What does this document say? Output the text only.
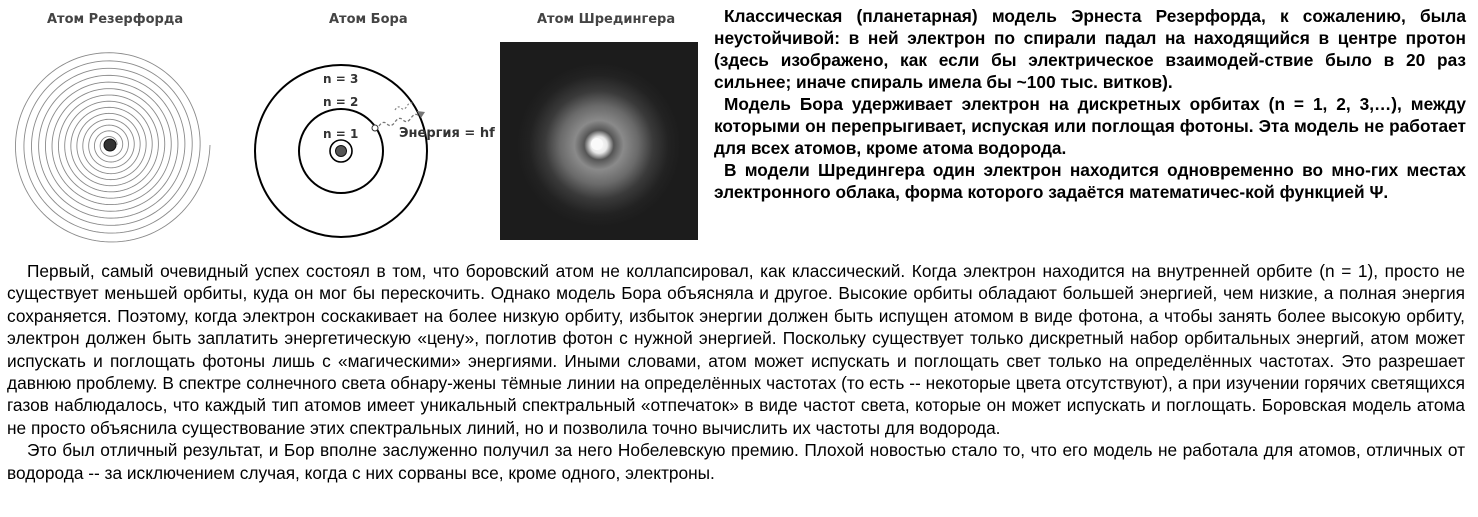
Атом Резерфорда	Атом Бора
n = 3
n = 2
n = 1	Энергия = hf
Атом Шредингера	Классическая (планетарная) модель Эрнеста Резерфорда, к сожалению, была неустойчивой: в ней электрон по спирали падал на находящийся в центре протон (здесь изображено, как если бы электрическое взаимодей-ствие было в 20 раз сильнее; иначе спираль имела бы ~100 тыс. витков).

Модель Бора удерживает электрон на дискретных орбитах (n = 1, 2, 3,…), между которыми он перепрыгивает, испуская или поглощая фотоны. Эта модель не работает для всех атомов, кроме атома водорода.

В модели Шредингера один электрон находится одновременно во мно-гих местах электронного облака, форма которого задаётся математичес-кой функцией Ψ.

Первый, самый очевидный успех состоял в том, что боровский атом не коллапсировал, как классический. Когда электрон находится на внутренней орбите (n = 1), просто не существует меньшей орбиты, куда он мог бы перескочить. Однако модель Бора объясняла и другое. Высокие орбиты обладают большей энергией, чем низкие, а полная энергия сохраняется. Поэтому, когда электрон соскакивает на более низкую орбиту, избыток энергии должен быть испущен атомом в виде фотона, а чтобы занять более высокую орбиту, электрон должен быть заплатить энергетическую «цену», поглотив фотон с нужной энергией. Поскольку существует только дискретный набор орбитальных энергий, атом может испускать и поглощать фотоны лишь с «магическими» энергиями. Иными словами, атом может испускать и поглощать свет только на определённых частотах. Это разрешает давнюю проблему. В спектре солнечного света обнару-жены тёмные линии на определённых частотах (то есть -- некоторые цвета отсутствуют), а при изучении горячих светящихся газов наблюдалось, что каждый тип атомов имеет уникальный спектральный «отпечаток» в виде частот света, которые он может испускать и поглощать. Боровская модель атома не просто объяснила существование этих спектральных линий, но и позволила точно вычислить их частоты для водорода.

Это был отличный результат, и Бор вполне заслуженно получил за него Нобелевскую премию. Плохой новостью стало то, что его модель не работала для атомов, отличных от водорода -- за исключением случая, когда с них сорваны все, кроме одного, электроны.
